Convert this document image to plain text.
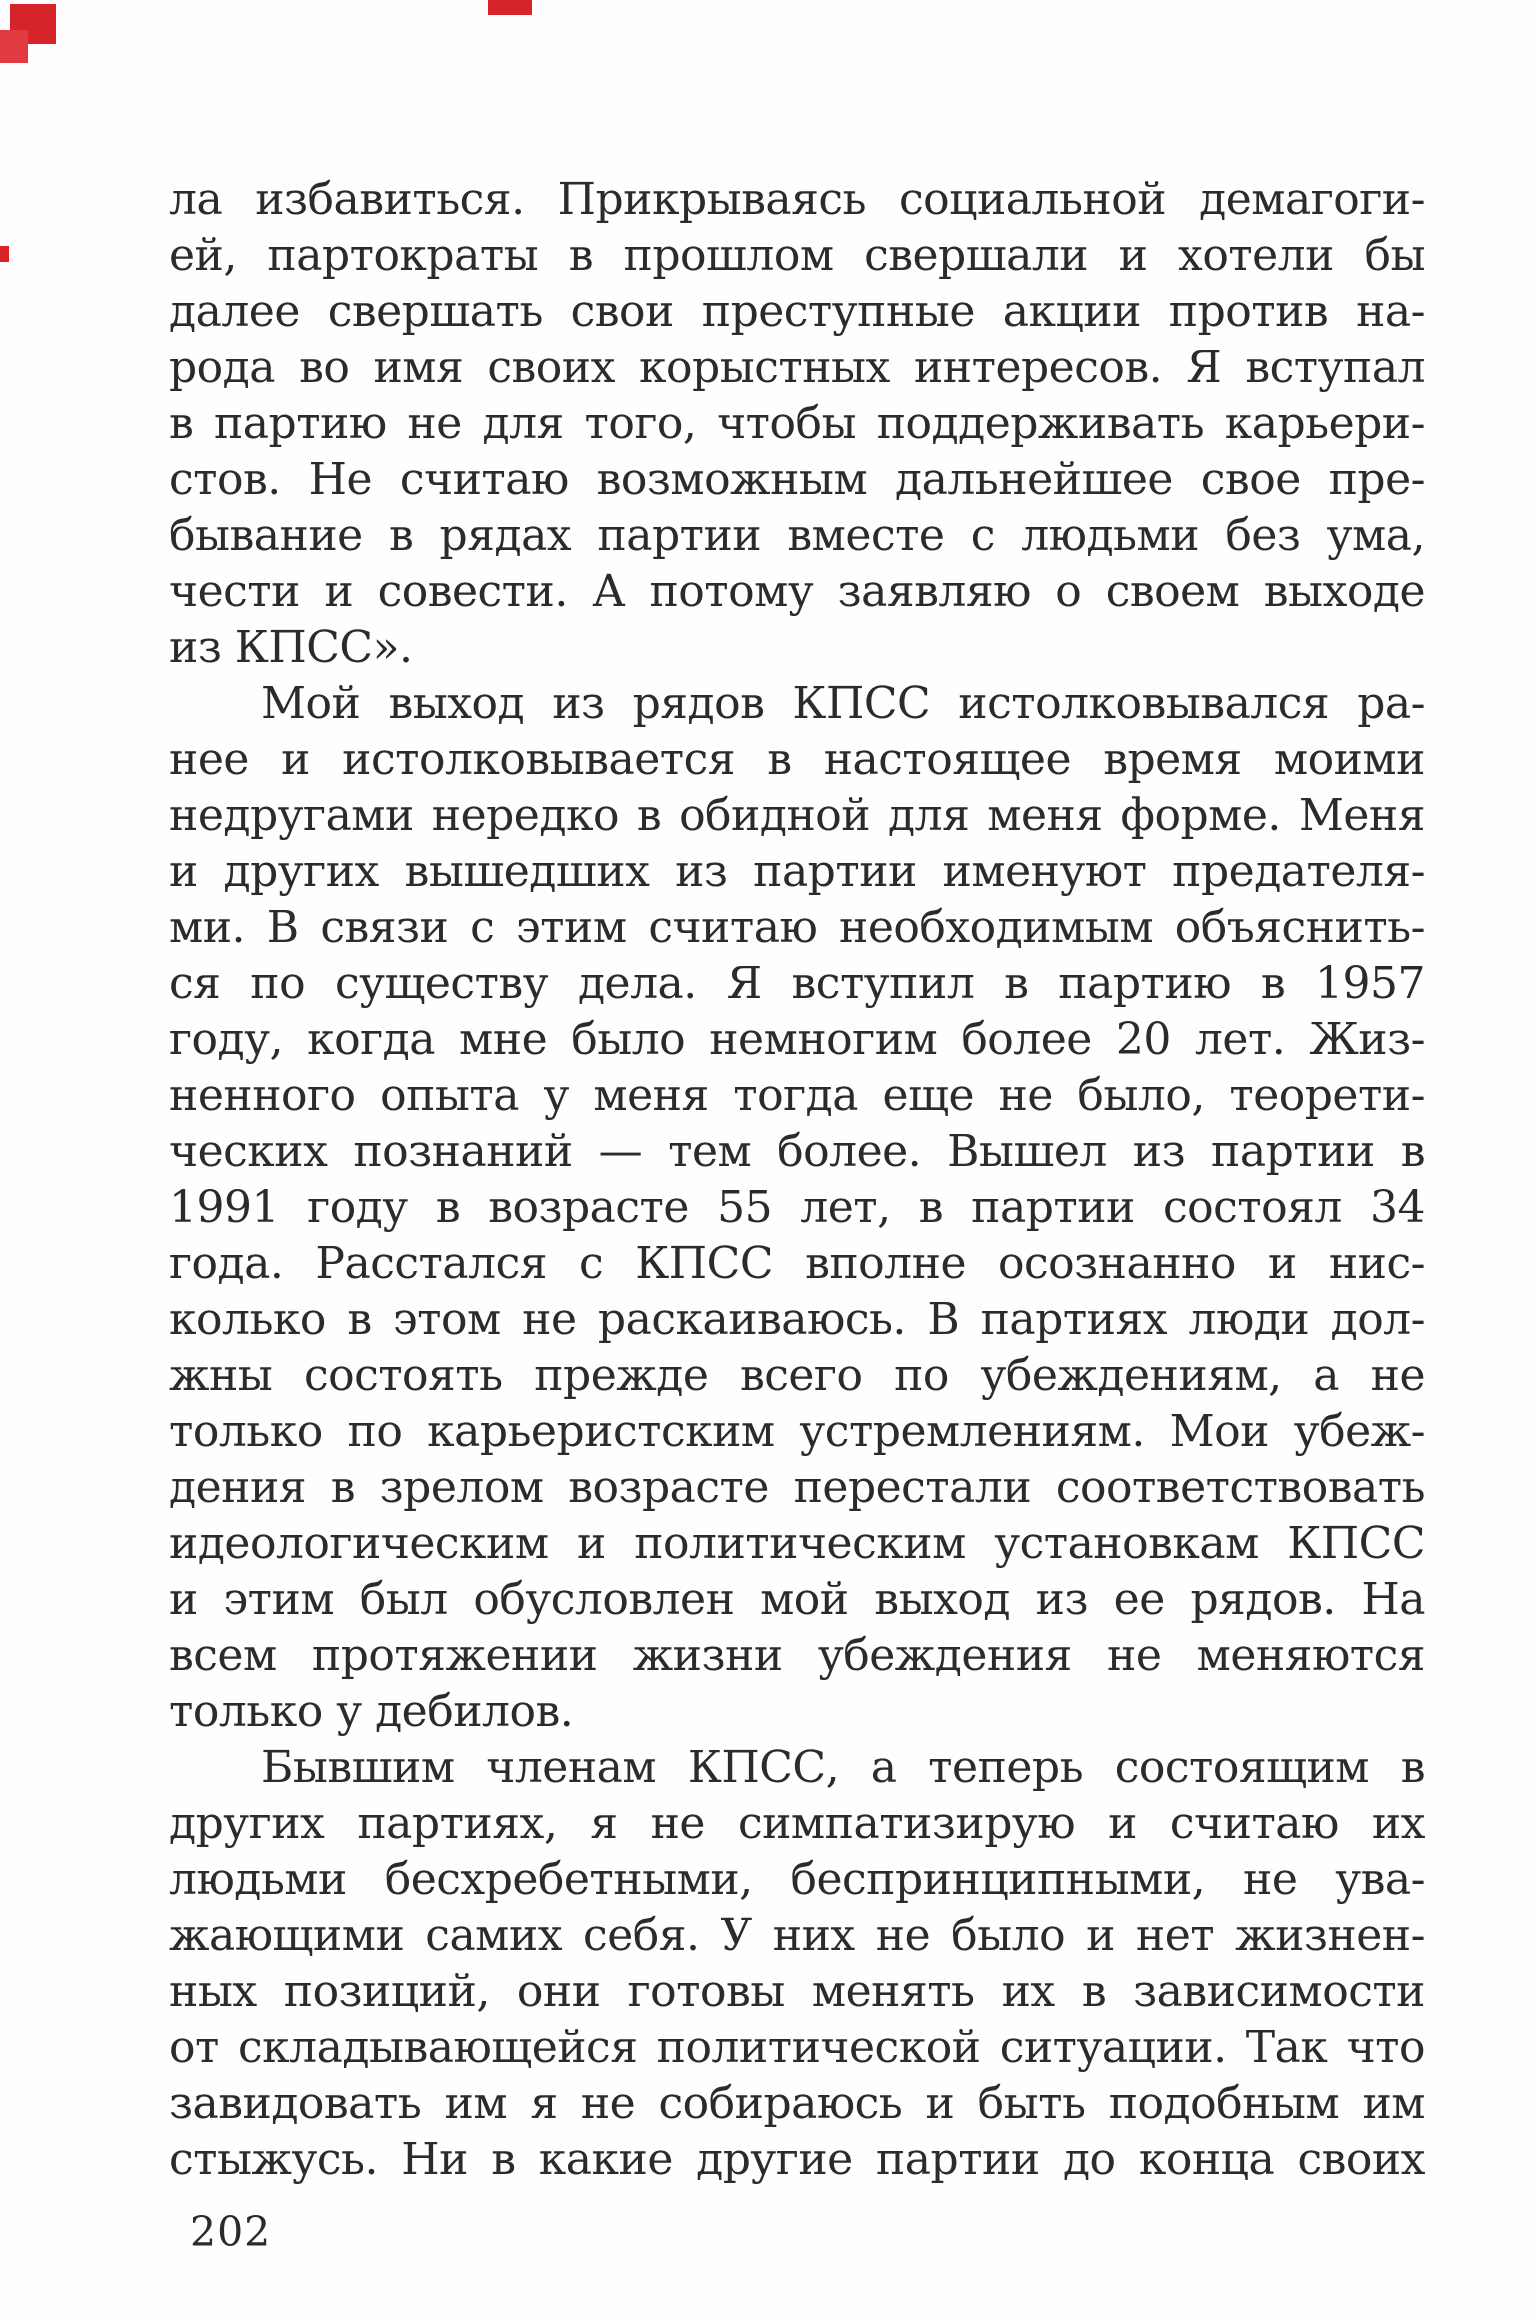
ла избавиться. Прикрываясь социальной демагоги-
ей, партократы в прошлом свершали и хотели бы
далее свершать свои преступные акции против на-
рода во имя своих корыстных интересов. Я вступал
в партию не для того, чтобы поддерживать карьери-
стов. Не считаю возможным дальнейшее свое пре-
бывание в рядах партии вместе с людьми без ума,
чести и совести. А потому заявляю о своем выходе
из КПСС».
Мой выход из рядов КПСС истолковывался ра-
нее и истолковывается в настоящее время моими
недругами нередко в обидной для меня форме. Меня
и других вышедших из партии именуют предателя-
ми. В связи с этим считаю необходимым объяснить-
ся по существу дела. Я вступил в партию в 1957
году, когда мне было немногим более 20 лет. Жиз-
ненного опыта у меня тогда еще не было, теорети-
ческих познаний — тем более. Вышел из партии в
1991 году в возрасте 55 лет, в партии состоял 34
года. Расстался с КПСС вполне осознанно и нис-
колько в этом не раскаиваюсь. В партиях люди дол-
жны состоять прежде всего по убеждениям, а не
только по карьеристским устремлениям. Мои убеж-
дения в зрелом возрасте перестали соответствовать
идеологическим и политическим установкам КПСС
и этим был обусловлен мой выход из ее рядов. На
всем протяжении жизни убеждения не меняются
только у дебилов.
Бывшим членам КПСС, а теперь состоящим в
других партиях, я не симпатизирую и считаю их
людьми бесхребетными, беспринципными, не ува-
жающими самих себя. У них не было и нет жизнен-
ных позиций, они готовы менять их в зависимости
от складывающейся политической ситуации. Так что
завидовать им я не собираюсь и быть подобным им
стыжусь. Ни в какие другие партии до конца своих
202
